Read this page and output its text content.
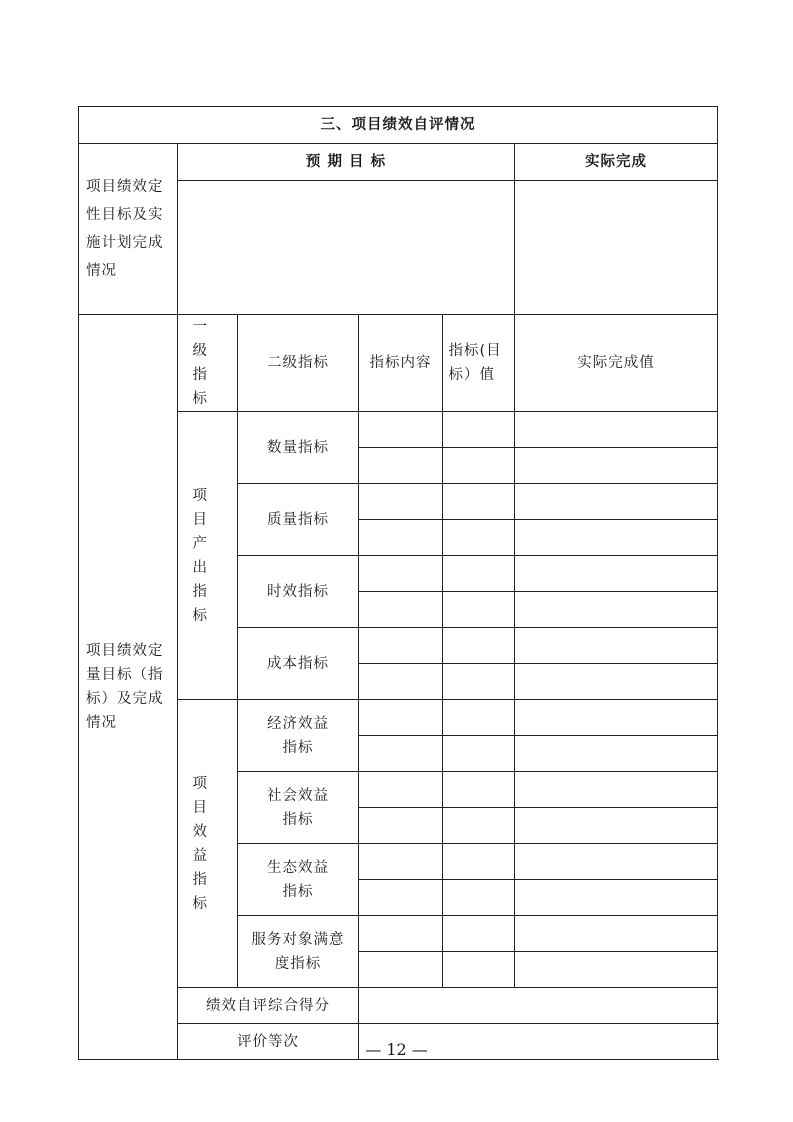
三、项目绩效自评情况					
项目绩效定性目标及实施计划完成情况	预 期 目 标				实际完成

项目绩效定量目标（指标）及完成情况	一级指标	二级指标	指标内容	指标(目标）值	实际完成值
	项目产出指标	数量指标			

		质量指标			

		时效指标			

		成本指标			

	项目效益指标	经济效益指标			

		社会效益指标			

		生态效益指标			

		服务对象满意度指标			

	绩效自评综合得分				
	评价等次					— 12 —
